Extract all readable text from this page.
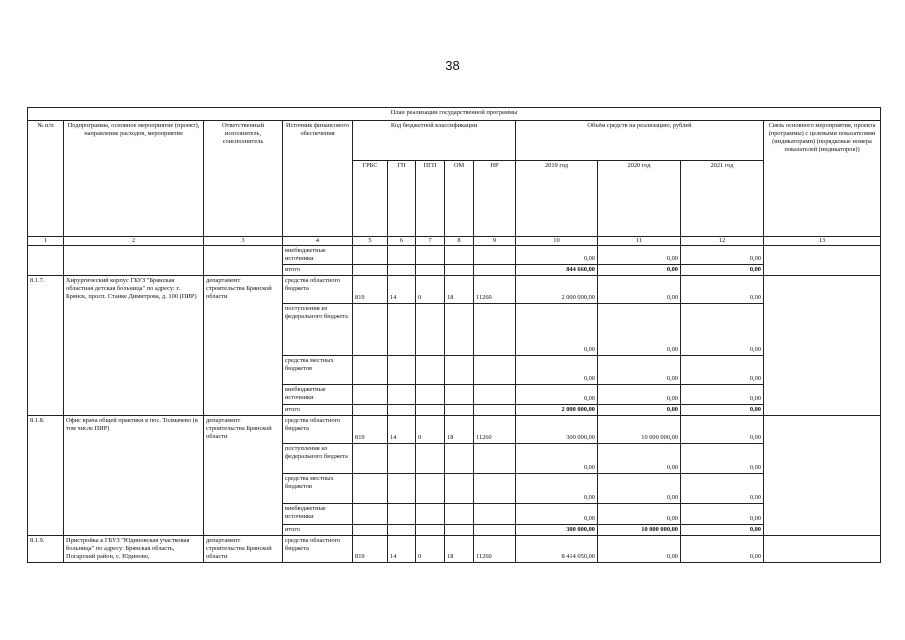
38
План реализации государственной программы												
№ п/п	Подпрограмма, основное мероприятие (проект), направление расходов, мероприятие	Ответственный исполнитель, соисполнитель	Источник финансового обеспечения	Код бюджетной классификации					Объём средств на реализацию, рублей			Связь основного мероприятия, проекта (программы) с целевыми показателями (индикаторами) (порядковые номера показателей (индикаторов))
				ГРБС	ГП	ПГП	ОМ	НР	2019 год	2020 год	2021 год	
1	2	3	4	5	6	7	8	9	10	11	12	13
			внебюджетные источники						0,00	0,00	0,00	
			итого						844 660,00	0,00	0,00	
8.1.7.	Хирургический корпус ГБУЗ "Брянская областная детская больница" по адресу: г. Брянск, просп. Станке Димитрова, д. 100 (ПИР)	департамент строительства Брянской области	средства областного бюджета	819	14	0	18	11260	2 000 000,00	0,00	0,00	
			поступления из федерального бюджета						0,00	0,00	0,00	
			средства местных бюджетов						0,00	0,00	0,00	
			внебюджетные источники						0,00	0,00	0,00	
			итого						2 000 000,00	0,00	0,00	
8.1.8.	Офис врача общей практики в пос. Толмачево (в том числе ПИР)	департамент строительства Брянской области	средства областного бюджета	819	14	0	18	11260	300 000,00	10 000 000,00	0,00	
			поступления из федерального бюджета						0,00	0,00	0,00	
			средства местных бюджетов						0,00	0,00	0,00	
			внебюджетные источники						0,00	0,00	0,00	
			итого						300 000,00	10 000 000,00	0,00	
8.1.9.	Пристройка к ГБУЗ "Юдиновская участковая больница" по адресу: Брянская область, Погарский район, с. Юдиново,	департамент строительства Брянской области	средства областного бюджета	819	14	0	18	11260	8 414 050,00	0,00	0,00	
